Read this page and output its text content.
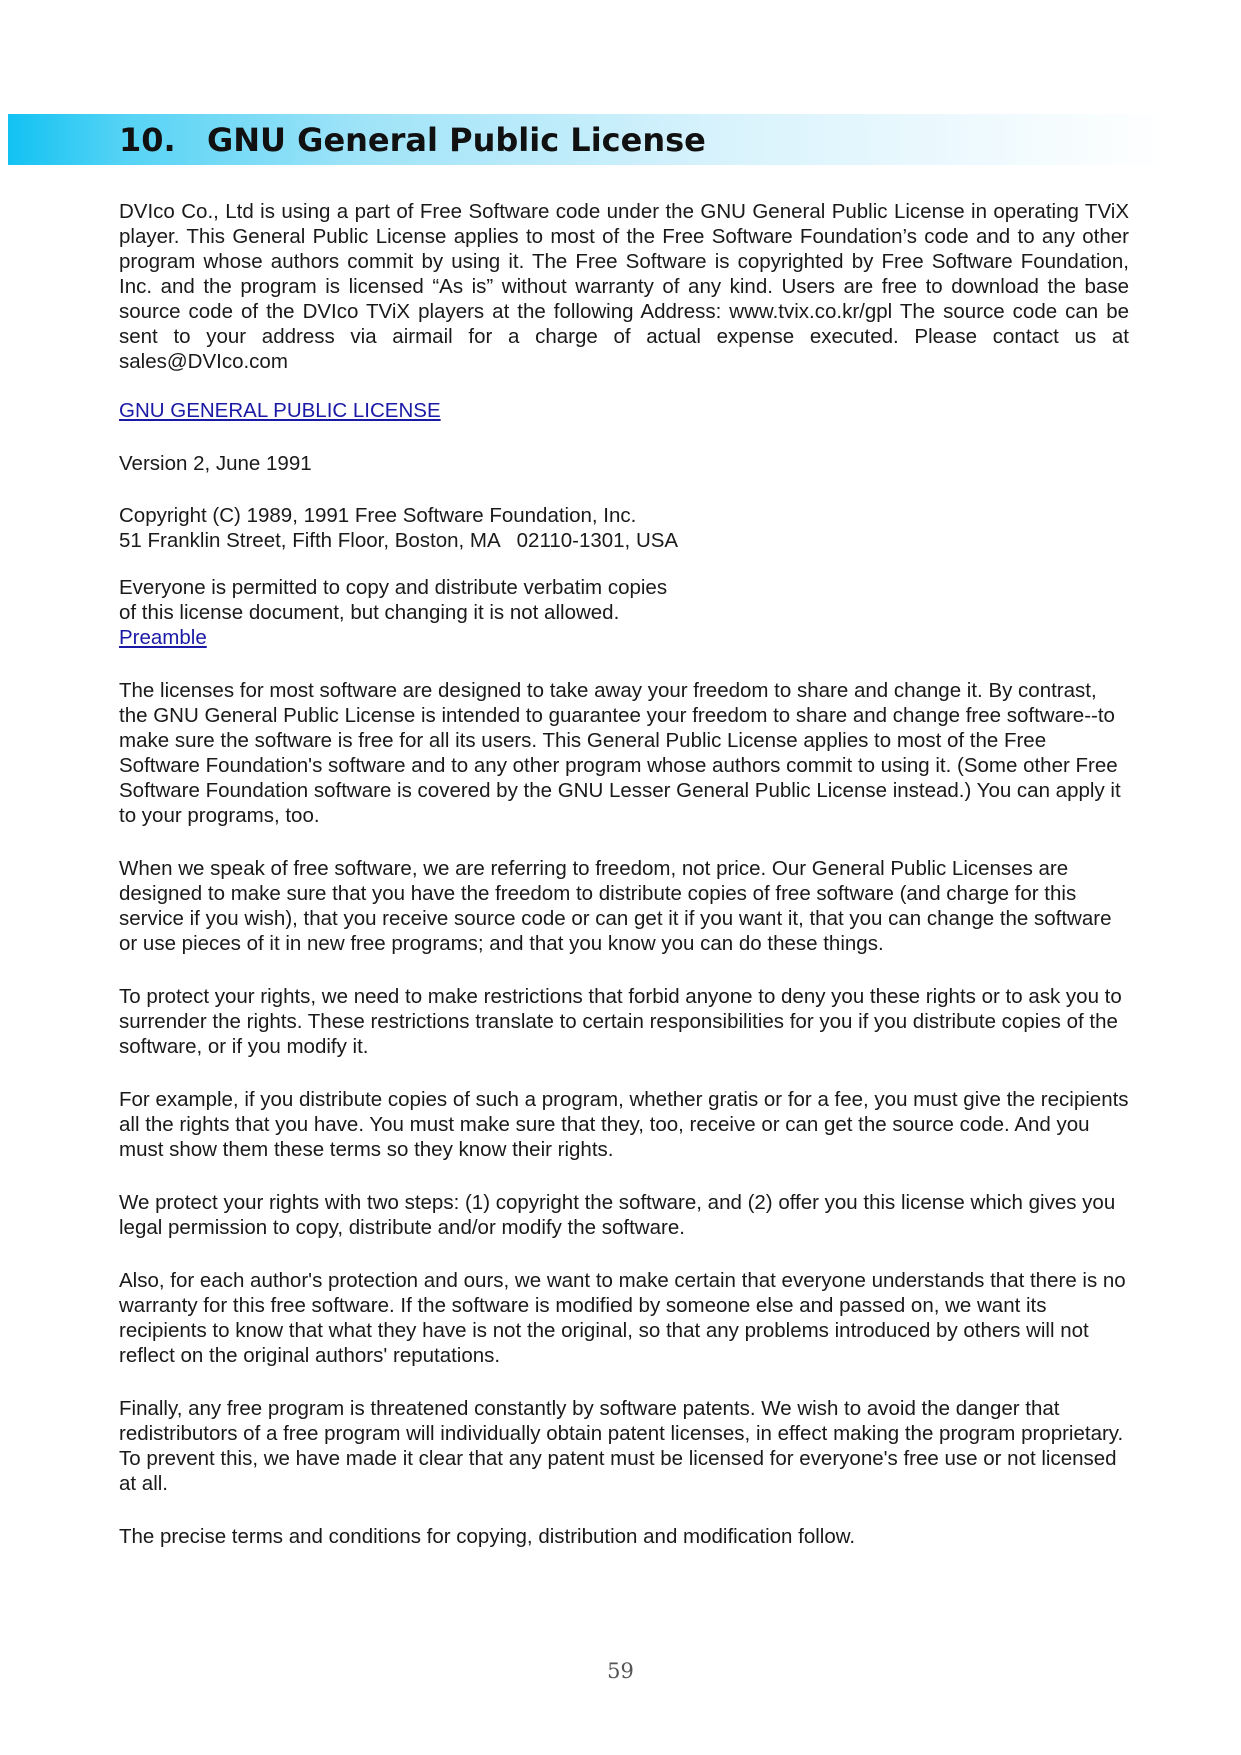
10. GNU General Public License

DVIco Co., Ltd is using a part of Free Software code under the GNU General Public License in operating TViX player. This General Public License applies to most of the Free Software Foundation’s code and to any other program whose authors commit by using it. The Free Software is copyrighted by Free Software Foundation, Inc. and the program is licensed “As is” without warranty of any kind. Users are free to download the base source code of the DVIco TViX players at the following Address: www.tvix.co.kr/gpl The source code can be sent to your address via airmail for a charge of actual expense executed. Please contact us at sales@DVIco.com

GNU GENERAL PUBLIC LICENSE

Version 2, June 1991

Copyright (C) 1989, 1991 Free Software Foundation, Inc.
51 Franklin Street, Fifth Floor, Boston, MA   02110-1301, USA

Everyone is permitted to copy and distribute verbatim copies
of this license document, but changing it is not allowed.
Preamble

The licenses for most software are designed to take away your freedom to share and change it. By contrast, the GNU General Public License is intended to guarantee your freedom to share and change free software--to make sure the software is free for all its users. This General Public License applies to most of the Free Software Foundation's software and to any other program whose authors commit to using it. (Some other Free Software Foundation software is covered by the GNU Lesser General Public License instead.) You can apply it to your programs, too.

When we speak of free software, we are referring to freedom, not price. Our General Public Licenses are designed to make sure that you have the freedom to distribute copies of free software (and charge for this service if you wish), that you receive source code or can get it if you want it, that you can change the software or use pieces of it in new free programs; and that you know you can do these things.

To protect your rights, we need to make restrictions that forbid anyone to deny you these rights or to ask you to surrender the rights. These restrictions translate to certain responsibilities for you if you distribute copies of the software, or if you modify it.

For example, if you distribute copies of such a program, whether gratis or for a fee, you must give the recipients all the rights that you have. You must make sure that they, too, receive or can get the source code. And you must show them these terms so they know their rights.

We protect your rights with two steps: (1) copyright the software, and (2) offer you this license which gives you legal permission to copy, distribute and/or modify the software.

Also, for each author's protection and ours, we want to make certain that everyone understands that there is no warranty for this free software. If the software is modified by someone else and passed on, we want its recipients to know that what they have is not the original, so that any problems introduced by others will not reflect on the original authors' reputations.

Finally, any free program is threatened constantly by software patents. We wish to avoid the danger that redistributors of a free program will individually obtain patent licenses, in effect making the program proprietary. To prevent this, we have made it clear that any patent must be licensed for everyone's free use or not licensed at all.

The precise terms and conditions for copying, distribution and modification follow.

59
